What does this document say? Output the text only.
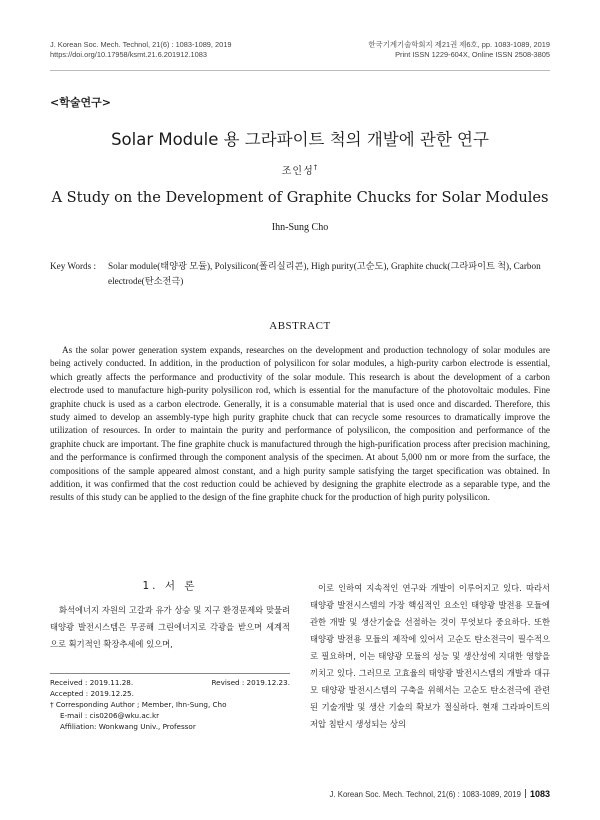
J. Korean Soc. Mech. Technol, 21(6) : 1083-1089, 2019
https://doi.org/10.17958/ksmt.21.6.201912.1083
한국기계기술학회지 제21권 제6호, pp. 1083-1089, 2019
Print ISSN 1229-604X, Online ISSN 2508-3805
<학술연구>
Solar Module 용 그라파이트 척의 개발에 관한 연구
조인성†
A Study on the Development of Graphite Chucks for Solar Modules
Ihn-Sung Cho
Key Words : Solar module(태양광 모듈), Polysilicon(폴리실리콘), High purity(고순도), Graphite chuck(그라파이트 척), Carbon electrode(탄소전극)
ABSTRACT

As the solar power generation system expands, researches on the development and production technology of solar modules are being actively conducted. In addition, in the production of polysilicon for solar modules, a high-purity carbon electrode is essential, which greatly affects the performance and productivity of the solar module. This research is about the development of a carbon electrode used to manufacture high-purity polysilicon rod, which is essential for the manufacture of the photovoltaic modules. Fine graphite chuck is used as a carbon electrode. Generally, it is a consumable material that is used once and discarded. Therefore, this study aimed to develop an assembly-type high purity graphite chuck that can recycle some resources to dramatically improve the utilization of resources. In order to maintain the purity and performance of polysilicon, the composition and performance of the graphite chuck are important. The fine graphite chuck is manufactured through the high-purification process after precision machining, and the performance is confirmed through the component analysis of the specimen. At about 5,000 nm or more from the surface, the compositions of the sample appeared almost constant, and a high purity sample satisfying the target specification was obtained. In addition, it was confirmed that the cost reduction could be achieved by designing the graphite electrode as a separable type, and the results of this study can be applied to the design of the fine graphite chuck for the production of high purity polysilicon.

1. 서 론

화석에너지 자원의 고갈과 유가 상승 및 지구 환경문제와 맞물려 태양광 발전시스템은 무공해 그린에너지로 각광을 받으며 세계적으로 획기적인 확장추세에 있으며,

이로 인하여 지속적인 연구와 개발이 이루어지고 있다. 따라서 태양광 발전시스템의 가장 핵심적인 요소인 태양광 발전용 모듈에 관한 개발 및 생산기술을 선점하는 것이 무엇보다 중요하다. 또한 태양광 발전용 모듈의 제작에 있어서 고순도 탄소전극이 필수적으로 필요하며, 이는 태양광 모듈의 성능 및 생산성에 지대한 영향을 끼치고 있다. 그러므로 고효율의 태양광 발전시스템의 개발과 대규모 태양광 발전시스템의 구축을 위해서는 고순도 탄소전극에 관련된 기술개발 및 생산 기술의 확보가 절실하다. 현재 그라파이트의 저압 침탄시 생성되는 상의

Received : 2019.11.28.	Revised : 2019.12.23.
Accepted : 2019.12.25.
† Corresponding Author ; Member, Ihn-Sung, Cho
E-mail : cis0206@wku.ac.kr
Affiliation: Wonkwang Univ., Professor
J. Korean Soc. Mech. Technol, 21(6) : 1083-1089, 2019 1083
